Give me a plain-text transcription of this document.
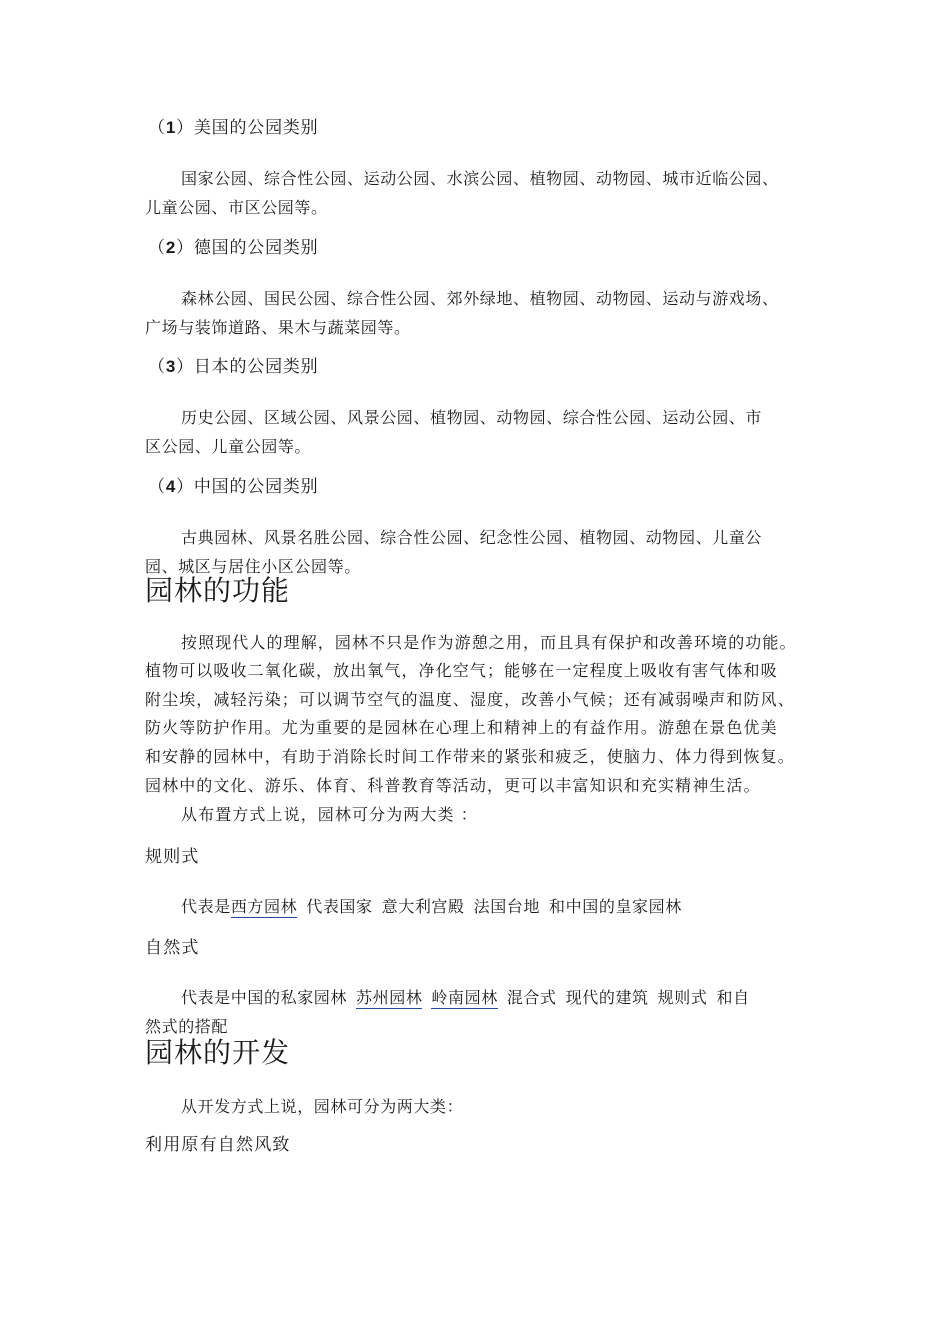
（1）美国的公园类别
国家公园、综合性公园、运动公园、水滨公园、植物园、动物园、城市近临公园、
儿童公园、市区公园等。
（2）德国的公园类别
森林公园、国民公园、综合性公园、郊外绿地、植物园、动物园、运动与游戏场、
广场与装饰道路、果木与蔬菜园等。
（3）日本的公园类别
历史公园、区域公园、风景公园、植物园、动物园、综合性公园、运动公园、市
区公园、儿童公园等。
（4）中国的公园类别
古典园林、风景名胜公园、综合性公园、纪念性公园、植物园、动物园、儿童公
园、城区与居住小区公园等。
园林的功能
按照现代人的理解，园林不只是作为游憩之用，而且具有保护和改善环境的功能。
植物可以吸收二氧化碳，放出氧气，净化空气；能够在一定程度上吸收有害气体和吸
附尘埃，减轻污染；可以调节空气的温度、湿度，改善小气候；还有减弱噪声和防风、
防火等防护作用。尤为重要的是园林在心理上和精神上的有益作用。游憩在景色优美
和安静的园林中，有助于消除长时间工作带来的紧张和疲乏，使脑力、体力得到恢复。
园林中的文化、游乐、体育、科普教育等活动，更可以丰富知识和充实精神生活。
从布置方式上说，园林可分为两大类 ：
规则式
代表是西方园林 代表国家 意大利宫殿 法国台地 和中国的皇家园林
自然式
代表是中国的私家园林 苏州园林 岭南园林 混合式 现代的建筑 规则式 和自
然式的搭配
园林的开发
从开发方式上说，园林可分为两大类：
利用原有自然风致
